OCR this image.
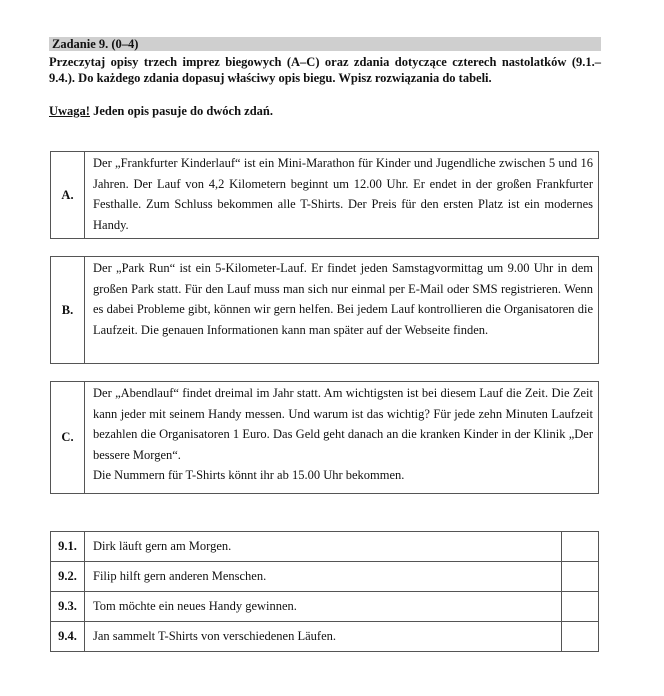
Zadanie 9. (0–4)
Przeczytaj opisy trzech imprez biegowych (A–C) oraz zdania dotyczące czterech nastolatków (9.1.–9.4.). Do każdego zdania dopasuj właściwy opis biegu. Wpisz rozwiązania do tabeli.
Uwaga! Jeden opis pasuje do dwóch zdań.
A.
Der „Frankfurter Kinderlauf“ ist ein Mini-Marathon für Kinder und Jugendliche zwischen 5 und 16 Jahren. Der Lauf von 4,2 Kilometern beginnt um 12.00 Uhr. Er endet in der großen Frankfurter Festhalle. Zum Schluss bekommen alle T-Shirts. Der Preis für den ersten Platz ist ein modernes Handy.
B.
Der „Park Run“ ist ein 5-Kilometer-Lauf. Er findet jeden Samstagvormittag um 9.00 Uhr in dem großen Park statt. Für den Lauf muss man sich nur einmal per E-Mail oder SMS registrieren. Wenn es dabei Probleme gibt, können wir gern helfen. Bei jedem Lauf kontrollieren die Organisatoren die Laufzeit. Die genauen Informationen kann man später auf der Webseite finden.
C.
Der „Abendlauf“ findet dreimal im Jahr statt. Am wichtigsten ist bei diesem Lauf die Zeit. Die Zeit kann jeder mit seinem Handy messen. Und warum ist das wichtig? Für jede zehn Minuten Laufzeit bezahlen die Organisatoren 1 Euro. Das Geld geht danach an die kranken Kinder in der Klinik „Der bessere Morgen“.
Die Nummern für T-Shirts könnt ihr ab 15.00 Uhr bekommen.
9.1.	Dirk läuft gern am Morgen.	
9.2.	Filip hilft gern anderen Menschen.	
9.3.	Tom möchte ein neues Handy gewinnen.	
9.4.	Jan sammelt T-Shirts von verschiedenen Läufen.	
